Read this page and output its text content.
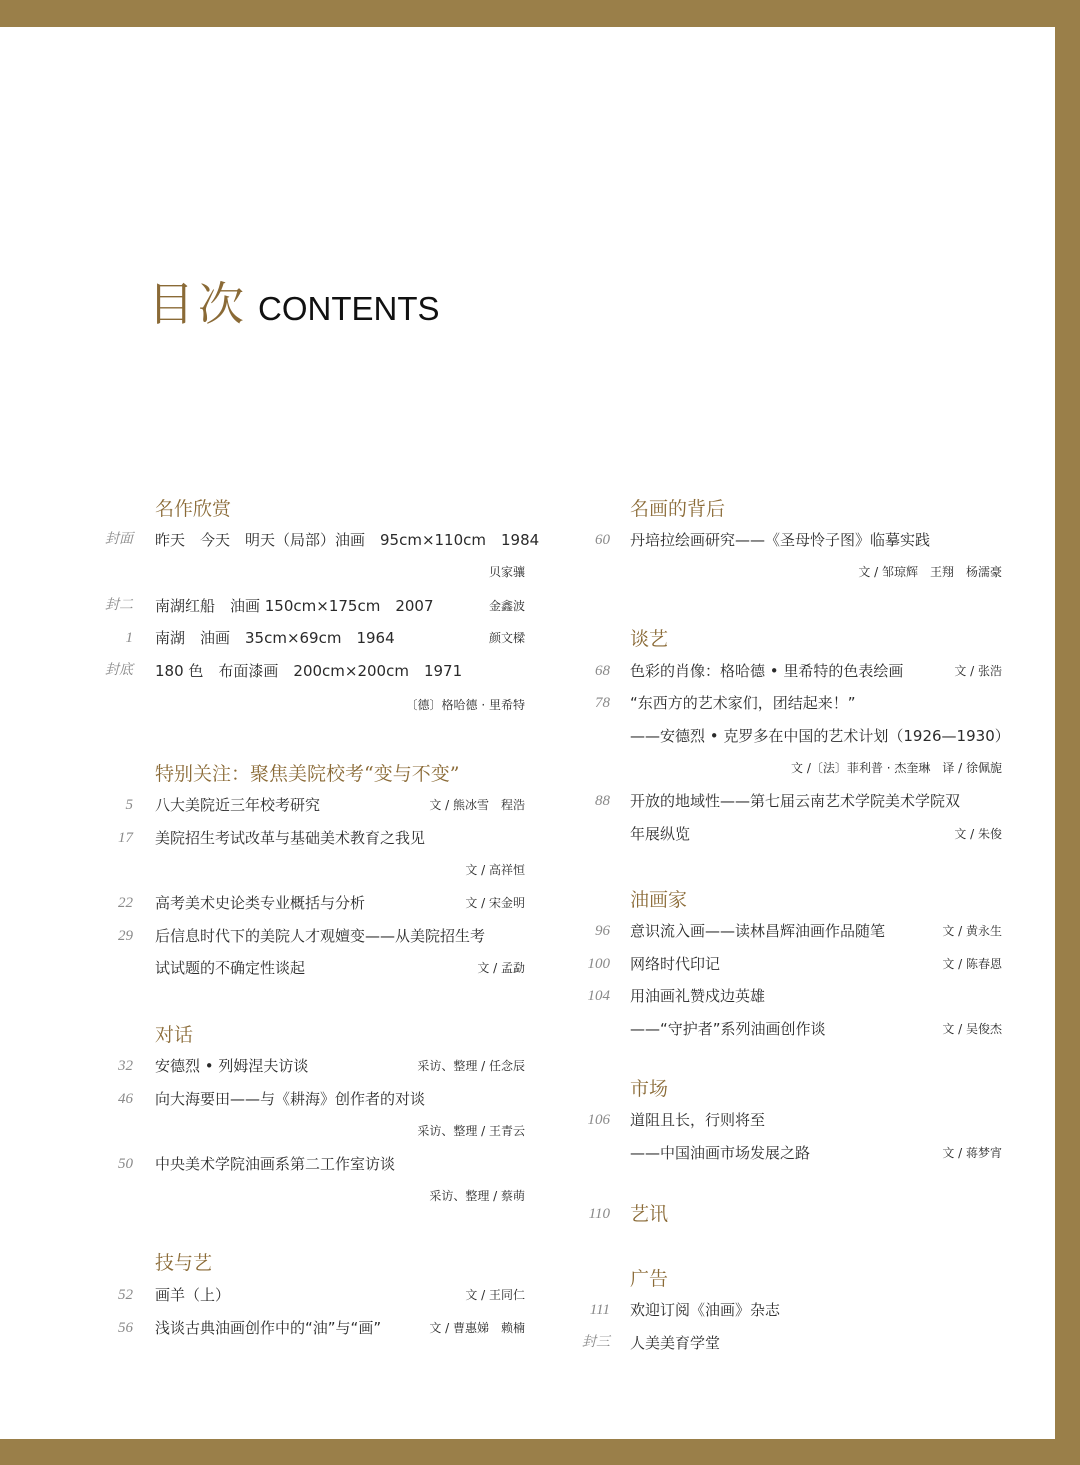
目次 CONTENTS
名作欣赏
封面 昨天　今天　明天（局部）油画　95cm×110cm　1984
贝家骧
封二 南湖红船　油画 150cm×175cm　2007	金鑫波
1 南湖　油画　35cm×69cm　1964	颜文樑
封底 180 色　布面漆画　200cm×200cm　1971
〔德〕格哈德 · 里希特
特别关注：聚焦美院校考“变与不变”
5 八大美院近三年校考研究	文 / 熊冰雪　程浩
17 美院招生考试改革与基础美术教育之我见
文 / 高祥恒
22 高考美术史论类专业概括与分析	文 / 宋金明
29 后信息时代下的美院人才观嬗变——从美院招生考
试试题的不确定性谈起	文 / 孟勐
对话
32 安德烈 • 列姆涅夫访谈	采访、整理 / 任念辰
46 向大海要田——与《耕海》创作者的对谈
采访、整理 / 王青云
50 中央美术学院油画系第二工作室访谈
采访、整理 / 蔡萌
技与艺
52 画羊（上）	文 / 王同仁
56 浅谈古典油画创作中的“油”与“画”	文 / 曹惠娣　赖楠
名画的背后
60 丹培拉绘画研究——《圣母怜子图》临摹实践
文 / 邹琼辉　王翔　杨濡豪
谈艺
68 色彩的肖像：格哈德 • 里希特的色表绘画	文 / 张浩
78 “东西方的艺术家们，团结起来！”
——安德烈 • 克罗多在中国的艺术计划（1926—1930）
文 /〔法〕菲利普 · 杰奎琳　译 / 徐佩旎
88 开放的地域性——第七届云南艺术学院美术学院双
年展纵览	文 / 朱俊
油画家
96 意识流入画——读林昌辉油画作品随笔	文 / 黄永生
100 网络时代印记	文 / 陈春恩
104 用油画礼赞戍边英雄
——“守护者”系列油画创作谈	文 / 吴俊杰
市场
106 道阻且长，行则将至
——中国油画市场发展之路	文 / 蒋梦宵
110 艺讯
广告
111 欢迎订阅《油画》杂志
封三 人美美育学堂
